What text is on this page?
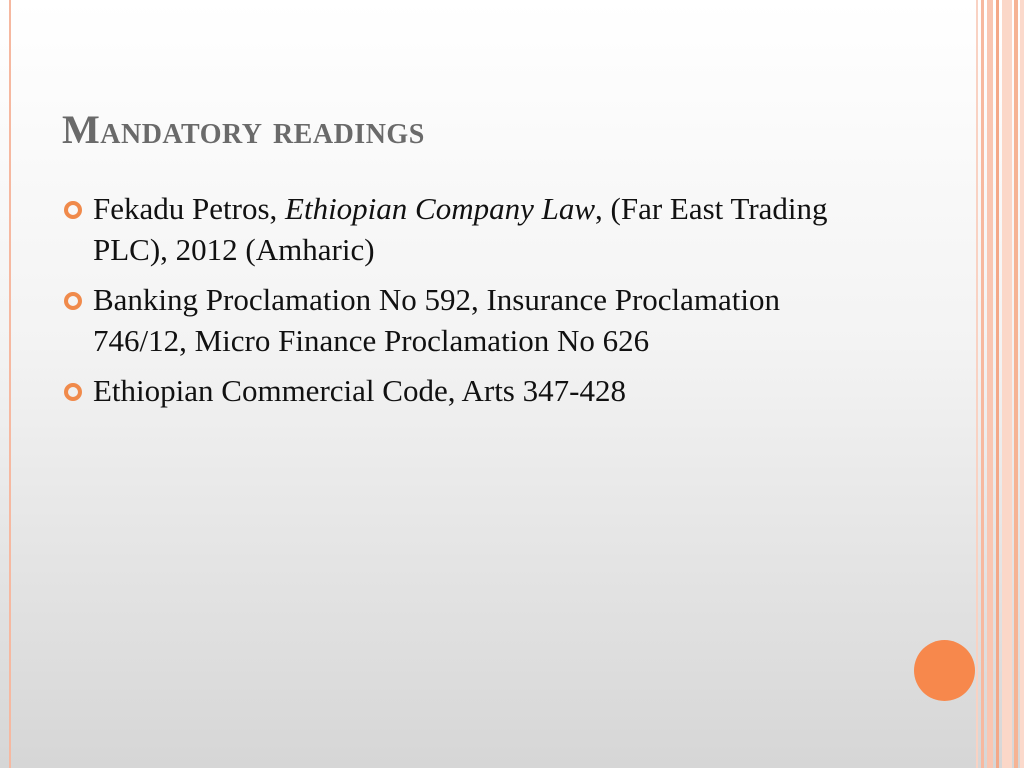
Mandatory readings
Fekadu Petros, Ethiopian Company Law, (Far East Trading PLC), 2012 (Amharic)
Banking Proclamation No 592, Insurance Proclamation 746/12, Micro Finance Proclamation No 626
Ethiopian Commercial Code, Arts 347-428
